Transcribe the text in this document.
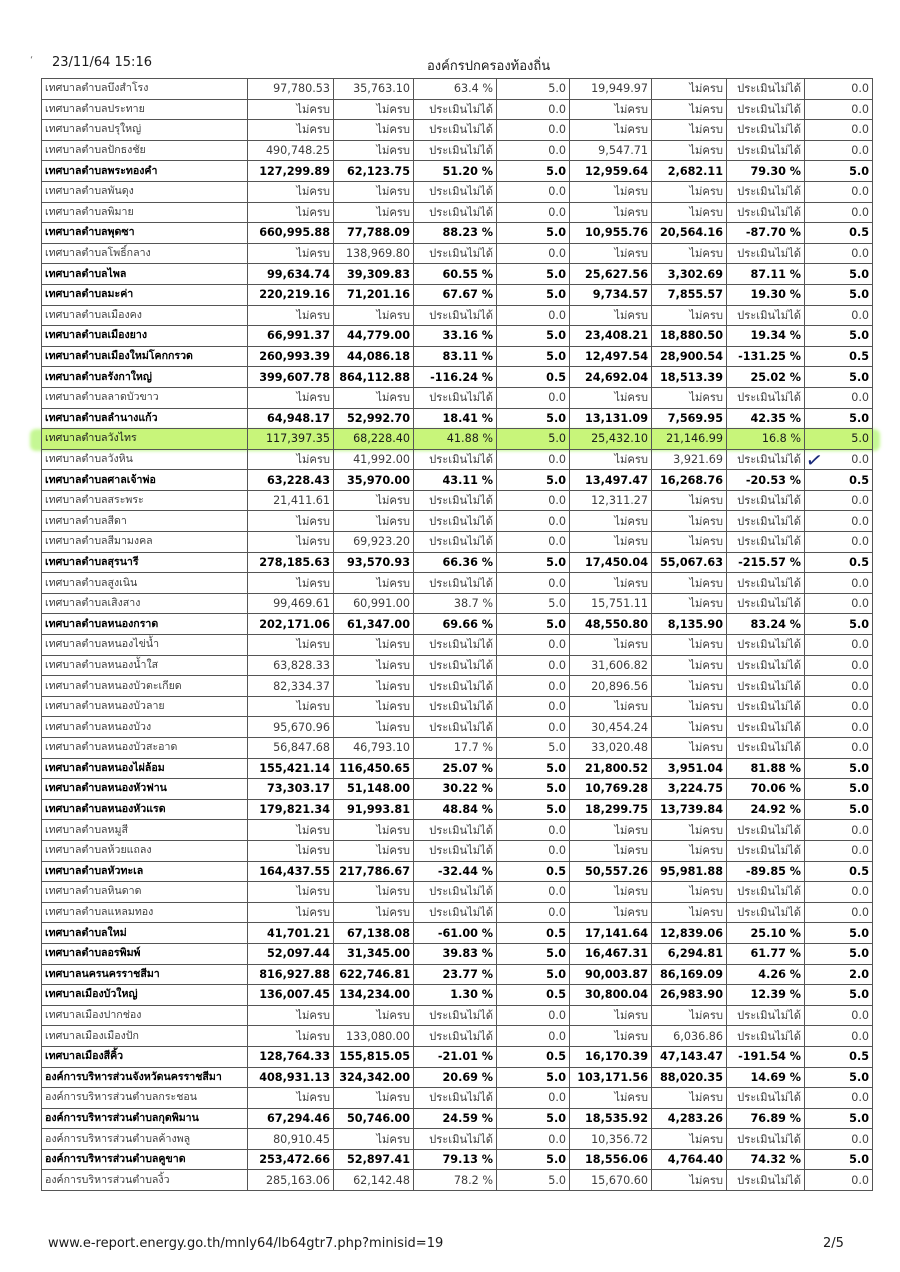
‘ 23/11/64 15:16	องค์กรปกครองท้องถิ่น
เทศบาลตำบลบึงสำโรง	97,780.53	35,763.10	63.4 %	5.0	19,949.97	ไม่ครบ	ประเมินไม่ได้	0.0
เทศบาลตำบลประทาย	ไม่ครบ	ไม่ครบ	ประเมินไม่ได้	0.0	ไม่ครบ	ไม่ครบ	ประเมินไม่ได้	0.0
เทศบาลตำบลปรุใหญ่	ไม่ครบ	ไม่ครบ	ประเมินไม่ได้	0.0	ไม่ครบ	ไม่ครบ	ประเมินไม่ได้	0.0
เทศบาลตำบลปักธงชัย	490,748.25	ไม่ครบ	ประเมินไม่ได้	0.0	9,547.71	ไม่ครบ	ประเมินไม่ได้	0.0
เทศบาลตำบลพระทองคำ	127,299.89	62,123.75	51.20 %	5.0	12,959.64	2,682.11	79.30 %	5.0
เทศบาลตำบลพันดุง	ไม่ครบ	ไม่ครบ	ประเมินไม่ได้	0.0	ไม่ครบ	ไม่ครบ	ประเมินไม่ได้	0.0
เทศบาลตำบลพิมาย	ไม่ครบ	ไม่ครบ	ประเมินไม่ได้	0.0	ไม่ครบ	ไม่ครบ	ประเมินไม่ได้	0.0
เทศบาลตำบลพุดซา	660,995.88	77,788.09	88.23 %	5.0	10,955.76	20,564.16	-87.70 %	0.5
เทศบาลตำบลโพธิ์กลาง	ไม่ครบ	138,969.80	ประเมินไม่ได้	0.0	ไม่ครบ	ไม่ครบ	ประเมินไม่ได้	0.0
เทศบาลตำบลไพล	99,634.74	39,309.83	60.55 %	5.0	25,627.56	3,302.69	87.11 %	5.0
เทศบาลตำบลมะค่า	220,219.16	71,201.16	67.67 %	5.0	9,734.57	7,855.57	19.30 %	5.0
เทศบาลตำบลเมืองคง	ไม่ครบ	ไม่ครบ	ประเมินไม่ได้	0.0	ไม่ครบ	ไม่ครบ	ประเมินไม่ได้	0.0
เทศบาลตำบลเมืองยาง	66,991.37	44,779.00	33.16 %	5.0	23,408.21	18,880.50	19.34 %	5.0
เทศบาลตำบลเมืองใหม่โคกกรวด	260,993.39	44,086.18	83.11 %	5.0	12,497.54	28,900.54	-131.25 %	0.5
เทศบาลตำบลรังกาใหญ่	399,607.78	864,112.88	-116.24 %	0.5	24,692.04	18,513.39	25.02 %	5.0
เทศบาลตำบลลาดบัวขาว	ไม่ครบ	ไม่ครบ	ประเมินไม่ได้	0.0	ไม่ครบ	ไม่ครบ	ประเมินไม่ได้	0.0
เทศบาลตำบลลำนางแก้ว	64,948.17	52,992.70	18.41 %	5.0	13,131.09	7,569.95	42.35 %	5.0
เทศบาลตำบลวังไทร	117,397.35	68,228.40	41.88 %	5.0	25,432.10	21,146.99	16.8 %	5.0
เทศบาลตำบลวังหิน	ไม่ครบ	41,992.00	ประเมินไม่ได้	0.0	ไม่ครบ	3,921.69	ประเมินไม่ได้	0.0
เทศบาลตำบลศาลเจ้าพ่อ	63,228.43	35,970.00	43.11 %	5.0	13,497.47	16,268.76	-20.53 %	0.5
เทศบาลตำบลสระพระ	21,411.61	ไม่ครบ	ประเมินไม่ได้	0.0	12,311.27	ไม่ครบ	ประเมินไม่ได้	0.0
เทศบาลตำบลสีดา	ไม่ครบ	ไม่ครบ	ประเมินไม่ได้	0.0	ไม่ครบ	ไม่ครบ	ประเมินไม่ได้	0.0
เทศบาลตำบลสีมามงคล	ไม่ครบ	69,923.20	ประเมินไม่ได้	0.0	ไม่ครบ	ไม่ครบ	ประเมินไม่ได้	0.0
เทศบาลตำบลสุรนารี	278,185.63	93,570.93	66.36 %	5.0	17,450.04	55,067.63	-215.57 %	0.5
เทศบาลตำบลสูงเนิน	ไม่ครบ	ไม่ครบ	ประเมินไม่ได้	0.0	ไม่ครบ	ไม่ครบ	ประเมินไม่ได้	0.0
เทศบาลตำบลเสิงสาง	99,469.61	60,991.00	38.7 %	5.0	15,751.11	ไม่ครบ	ประเมินไม่ได้	0.0
เทศบาลตำบลหนองกราด	202,171.06	61,347.00	69.66 %	5.0	48,550.80	8,135.90	83.24 %	5.0
เทศบาลตำบลหนองไข่น้ำ	ไม่ครบ	ไม่ครบ	ประเมินไม่ได้	0.0	ไม่ครบ	ไม่ครบ	ประเมินไม่ได้	0.0
เทศบาลตำบลหนองน้ำใส	63,828.33	ไม่ครบ	ประเมินไม่ได้	0.0	31,606.82	ไม่ครบ	ประเมินไม่ได้	0.0
เทศบาลตำบลหนองบัวตะเกียด	82,334.37	ไม่ครบ	ประเมินไม่ได้	0.0	20,896.56	ไม่ครบ	ประเมินไม่ได้	0.0
เทศบาลตำบลหนองบัวลาย	ไม่ครบ	ไม่ครบ	ประเมินไม่ได้	0.0	ไม่ครบ	ไม่ครบ	ประเมินไม่ได้	0.0
เทศบาลตำบลหนองบัวง	95,670.96	ไม่ครบ	ประเมินไม่ได้	0.0	30,454.24	ไม่ครบ	ประเมินไม่ได้	0.0
เทศบาลตำบลหนองบัวสะอาด	56,847.68	46,793.10	17.7 %	5.0	33,020.48	ไม่ครบ	ประเมินไม่ได้	0.0
เทศบาลตำบลหนองไผ่ล้อม	155,421.14	116,450.65	25.07 %	5.0	21,800.52	3,951.04	81.88 %	5.0
เทศบาลตำบลหนองหัวฟาน	73,303.17	51,148.00	30.22 %	5.0	10,769.28	3,224.75	70.06 %	5.0
เทศบาลตำบลหนองหัวแรด	179,821.34	91,993.81	48.84 %	5.0	18,299.75	13,739.84	24.92 %	5.0
เทศบาลตำบลหมูสี	ไม่ครบ	ไม่ครบ	ประเมินไม่ได้	0.0	ไม่ครบ	ไม่ครบ	ประเมินไม่ได้	0.0
เทศบาลตำบลห้วยแถลง	ไม่ครบ	ไม่ครบ	ประเมินไม่ได้	0.0	ไม่ครบ	ไม่ครบ	ประเมินไม่ได้	0.0
เทศบาลตำบลหัวทะเล	164,437.55	217,786.67	-32.44 %	0.5	50,557.26	95,981.88	-89.85 %	0.5
เทศบาลตำบลหินดาด	ไม่ครบ	ไม่ครบ	ประเมินไม่ได้	0.0	ไม่ครบ	ไม่ครบ	ประเมินไม่ได้	0.0
เทศบาลตำบลแหลมทอง	ไม่ครบ	ไม่ครบ	ประเมินไม่ได้	0.0	ไม่ครบ	ไม่ครบ	ประเมินไม่ได้	0.0
เทศบาลตำบลใหม่	41,701.21	67,138.08	-61.00 %	0.5	17,141.64	12,839.06	25.10 %	5.0
เทศบาลตำบลอรพิมพ์	52,097.44	31,345.00	39.83 %	5.0	16,467.31	6,294.81	61.77 %	5.0
เทศบาลนครนครราชสีมา	816,927.88	622,746.81	23.77 %	5.0	90,003.87	86,169.09	4.26 %	2.0
เทศบาลเมืองบัวใหญ่	136,007.45	134,234.00	1.30 %	0.5	30,800.04	26,983.90	12.39 %	5.0
เทศบาลเมืองปากช่อง	ไม่ครบ	ไม่ครบ	ประเมินไม่ได้	0.0	ไม่ครบ	ไม่ครบ	ประเมินไม่ได้	0.0
เทศบาลเมืองเมืองปัก	ไม่ครบ	133,080.00	ประเมินไม่ได้	0.0	ไม่ครบ	6,036.86	ประเมินไม่ได้	0.0
เทศบาลเมืองสีคิ้ว	128,764.33	155,815.05	-21.01 %	0.5	16,170.39	47,143.47	-191.54 %	0.5
องค์การบริหารส่วนจังหวัดนครราชสีมา	408,931.13	324,342.00	20.69 %	5.0	103,171.56	88,020.35	14.69 %	5.0
องค์การบริหารส่วนตำบลกระชอน	ไม่ครบ	ไม่ครบ	ประเมินไม่ได้	0.0	ไม่ครบ	ไม่ครบ	ประเมินไม่ได้	0.0
องค์การบริหารส่วนตำบลกุดพิมาน	67,294.46	50,746.00	24.59 %	5.0	18,535.92	4,283.26	76.89 %	5.0
องค์การบริหารส่วนตำบลค้างพลู	80,910.45	ไม่ครบ	ประเมินไม่ได้	0.0	10,356.72	ไม่ครบ	ประเมินไม่ได้	0.0
องค์การบริหารส่วนตำบลคูขาด	253,472.66	52,897.41	79.13 %	5.0	18,556.06	4,764.40	74.32 %	5.0
องค์การบริหารส่วนตำบลงิ้ว	285,163.06	62,142.48	78.2 %	5.0	15,670.60	ไม่ครบ	ประเมินไม่ได้	0.0
✓
www.e-report.energy.go.th/mnly64/lb64gtr7.php?minisid=19	2/5
